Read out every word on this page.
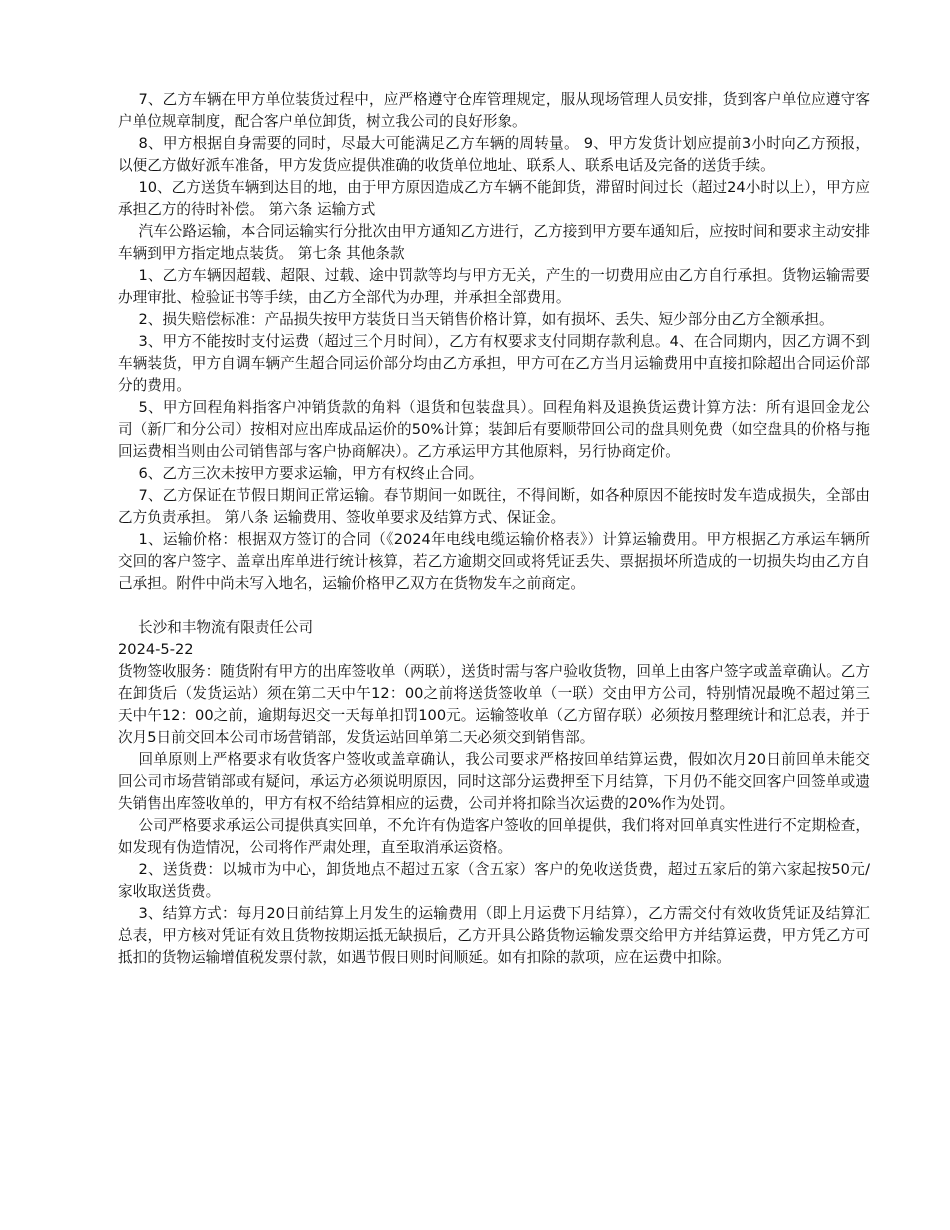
7、乙方车辆在甲方单位装货过程中，应严格遵守仓库管理规定，服从现场管理人员安排，货到客户单位应遵守客户单位规章制度，配合客户单位卸货，树立我公司的良好形象。

8、甲方根据自身需要的同时，尽最大可能满足乙方车辆的周转量。 9、甲方发货计划应提前3小时向乙方预报，以便乙方做好派车准备，甲方发货应提供准确的收货单位地址、联系人、联系电话及完备的送货手续。

10、乙方送货车辆到达目的地，由于甲方原因造成乙方车辆不能卸货，滞留时间过长（超过24小时以上），甲方应承担乙方的待时补偿。 第六条 运输方式

汽车公路运输，本合同运输实行分批次由甲方通知乙方进行，乙方接到甲方要车通知后，应按时间和要求主动安排车辆到甲方指定地点装货。 第七条 其他条款

1、乙方车辆因超载、超限、过载、途中罚款等均与甲方无关，产生的一切费用应由乙方自行承担。货物运输需要办理审批、检验证书等手续，由乙方全部代为办理，并承担全部费用。

2、损失赔偿标准：产品损失按甲方装货日当天销售价格计算，如有损坏、丢失、短少部分由乙方全额承担。

3、甲方不能按时支付运费（超过三个月时间），乙方有权要求支付同期存款利息。4、在合同期内，因乙方调不到车辆装货，甲方自调车辆产生超合同运价部分均由乙方承担，甲方可在乙方当月运输费用中直接扣除超出合同运价部分的费用。

5、甲方回程角料指客户冲销货款的角料（退货和包装盘具）。回程角料及退换货运费计算方法：所有退回金龙公司（新厂和分公司）按相对应出库成品运价的50%计算；装卸后有要顺带回公司的盘具则免费（如空盘具的价格与拖回运费相当则由公司销售部与客户协商解决）。乙方承运甲方其他原料，另行协商定价。

6、乙方三次未按甲方要求运输，甲方有权终止合同。

7、乙方保证在节假日期间正常运输。春节期间一如既往，不得间断，如各种原因不能按时发车造成损失，全部由乙方负责承担。 第八条 运输费用、签收单要求及结算方式、保证金。

1、运输价格：根据双方签订的合同（《2024年电线电缆运输价格表》）计算运输费用。甲方根据乙方承运车辆所交回的客户签字、盖章出库单进行统计核算，若乙方逾期交回或将凭证丢失、票据损坏所造成的一切损失均由乙方自己承担。附件中尚未写入地名，运输价格甲乙双方在货物发车之前商定。

长沙和丰物流有限责任公司

2024-5-22

货物签收服务：随货附有甲方的出库签收单（两联），送货时需与客户验收货物，回单上由客户签字或盖章确认。乙方在卸货后（发货运站）须在第二天中午12：00之前将送货签收单（一联）交由甲方公司，特别情况最晚不超过第三天中午12：00之前，逾期每迟交一天每单扣罚100元。运输签收单（乙方留存联）必须按月整理统计和汇总表，并于次月5日前交回本公司市场营销部，发货运站回单第二天必须交到销售部。

回单原则上严格要求有收货客户签收或盖章确认，我公司要求严格按回单结算运费，假如次月20日前回单未能交回公司市场营销部或有疑问，承运方必须说明原因，同时这部分运费押至下月结算，下月仍不能交回客户回签单或遗失销售出库签收单的，甲方有权不给结算相应的运费，公司并将扣除当次运费的20%作为处罚。

公司严格要求承运公司提供真实回单，不允许有伪造客户签收的回单提供，我们将对回单真实性进行不定期检查，如发现有伪造情况，公司将作严肃处理，直至取消承运资格。

2、送货费：以城市为中心，卸货地点不超过五家（含五家）客户的免收送货费，超过五家后的第六家起按50元/家收取送货费。

3、结算方式：每月20日前结算上月发生的运输费用（即上月运费下月结算），乙方需交付有效收货凭证及结算汇总表，甲方核对凭证有效且货物按期运抵无缺损后，乙方开具公路货物运输发票交给甲方并结算运费，甲方凭乙方可抵扣的货物运输增值税发票付款，如遇节假日则时间顺延。如有扣除的款项，应在运费中扣除。
